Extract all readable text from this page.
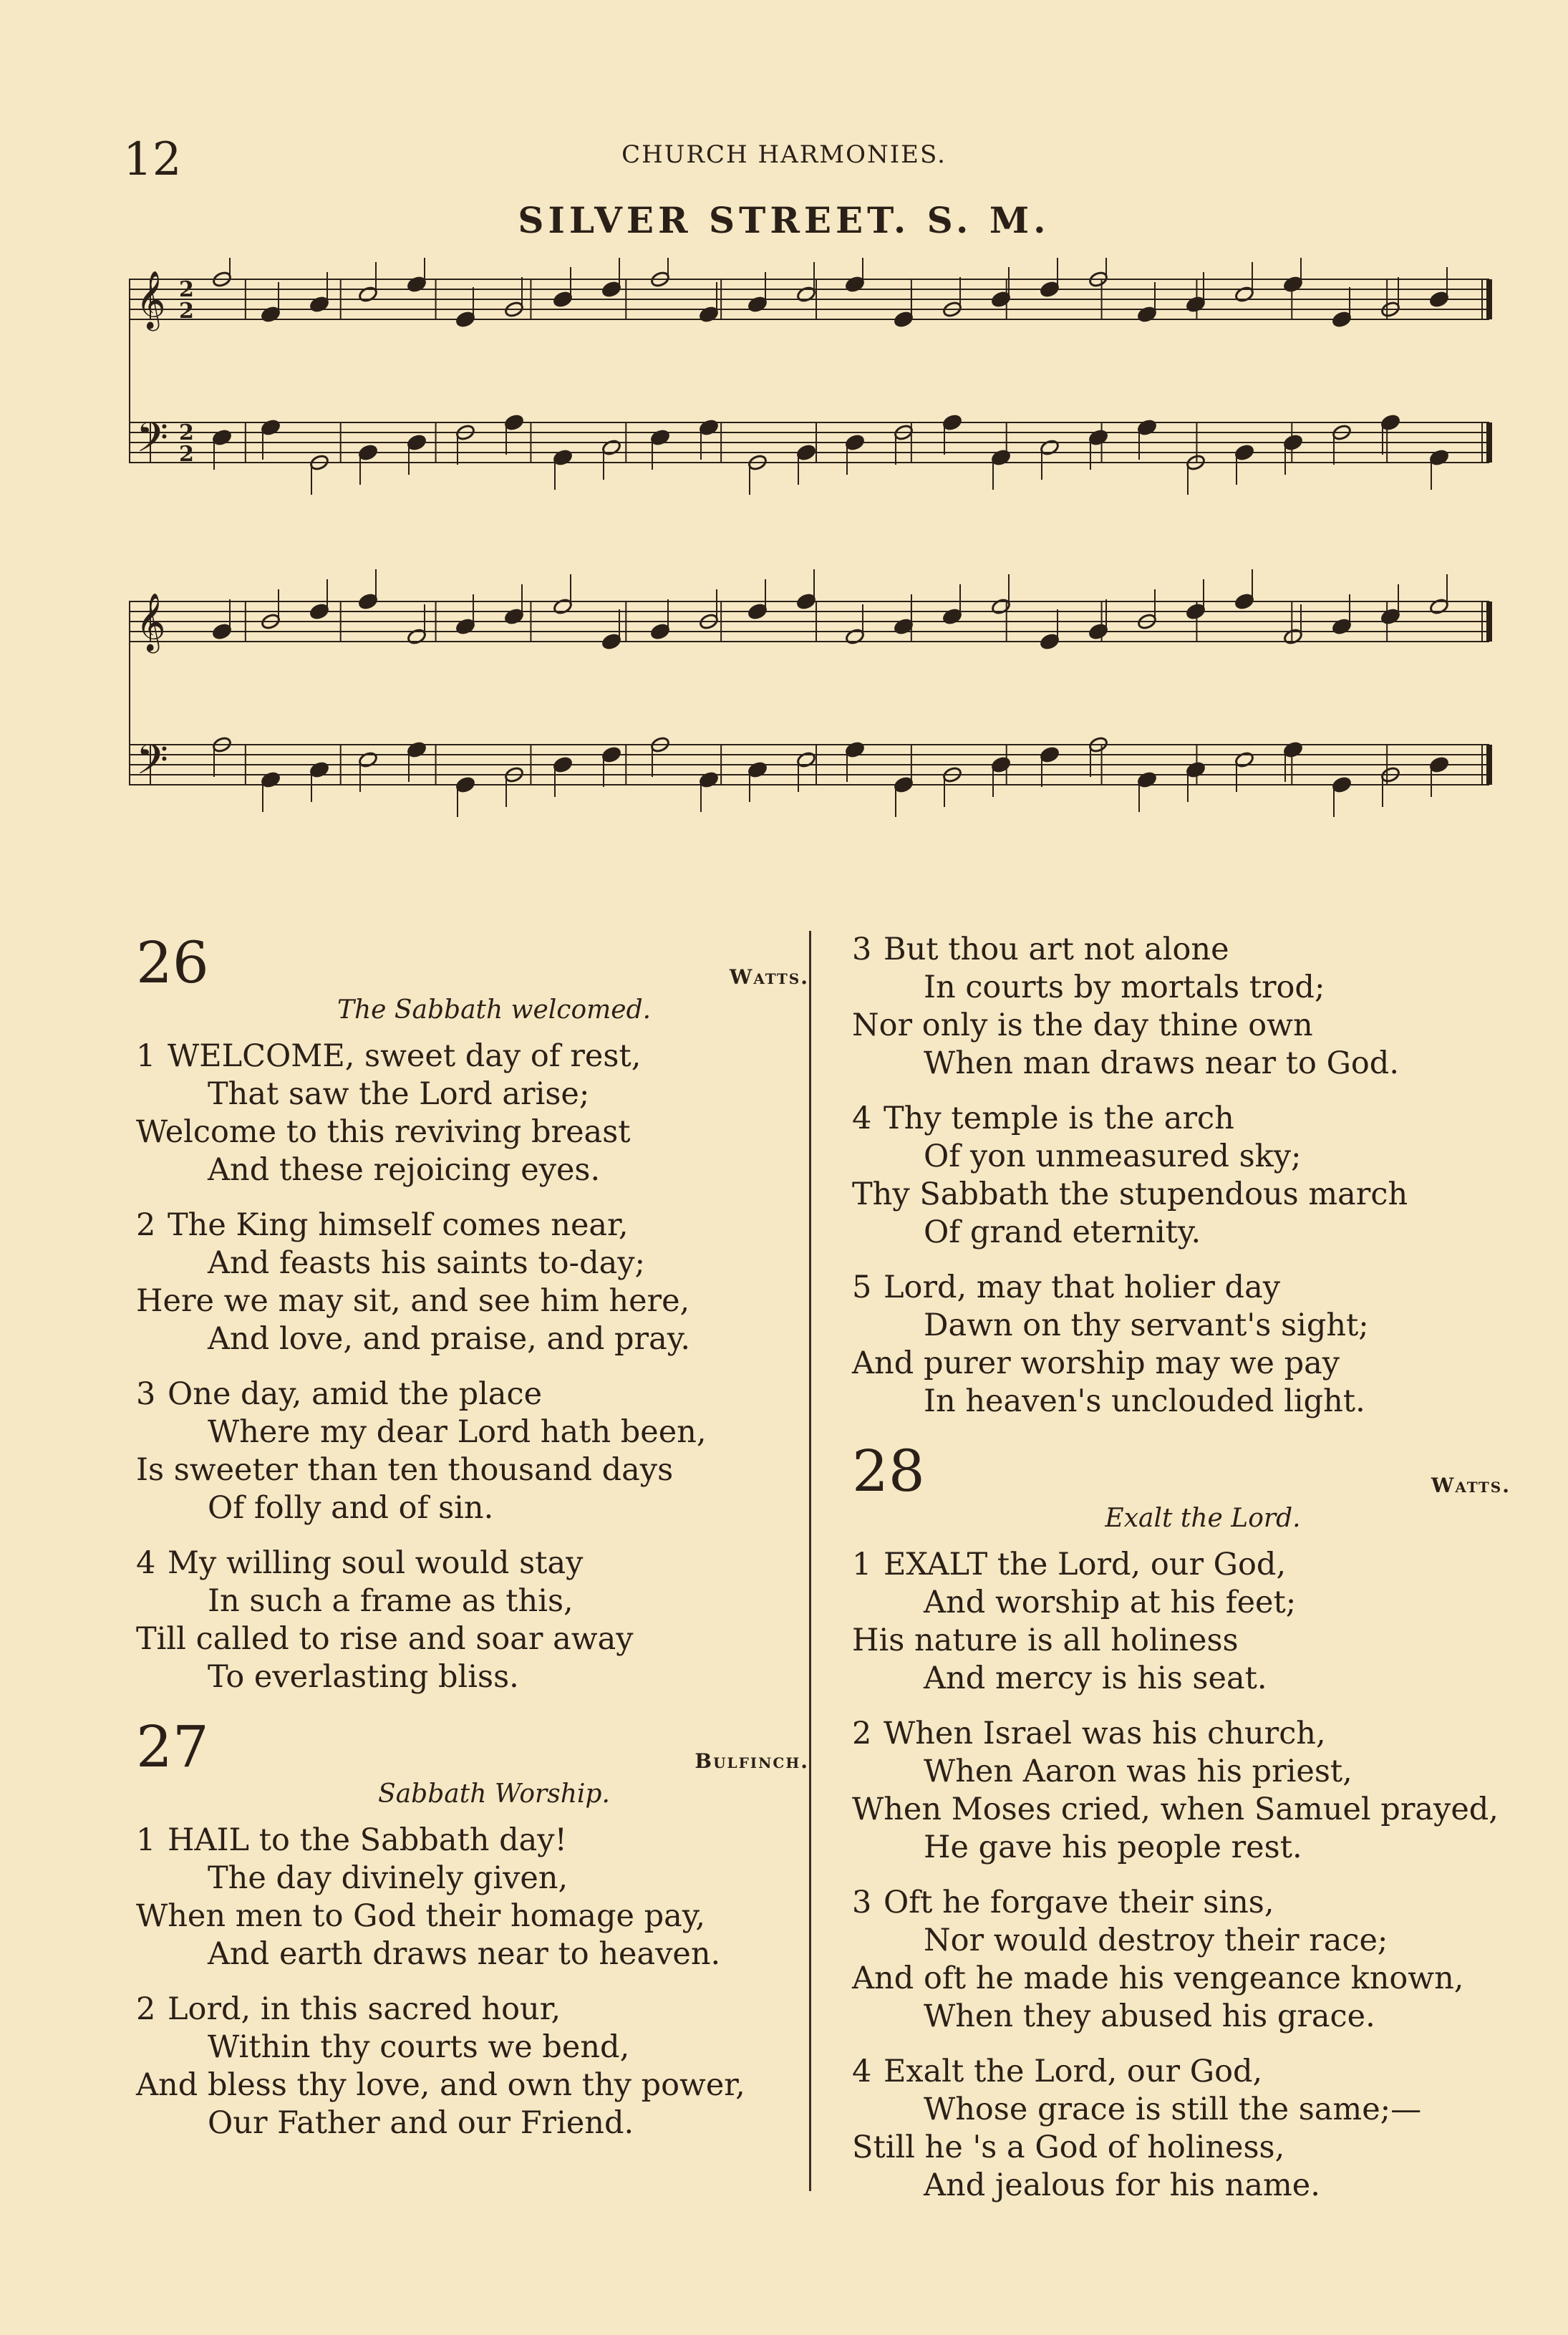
12	CHURCH HARMONIES.
SILVER STREET. S. M.
𝄞 2
2
𝄢 2
2
𝄞
𝄢
26	Watts.
The Sabbath welcomed.
1 WELCOME, sweet day of rest,
That saw the Lord arise;
Welcome to this reviving breast
And these rejoicing eyes.
2 The King himself comes near,
And feasts his saints to-day;
Here we may sit, and see him here,
And love, and praise, and pray.
3 One day, amid the place
Where my dear Lord hath been,
Is sweeter than ten thousand days
Of folly and of sin.
4 My willing soul would stay
In such a frame as this,
Till called to rise and soar away
To everlasting bliss.
27	Bulfinch.
Sabbath Worship.
1 HAIL to the Sabbath day!
The day divinely given,
When men to God their homage pay,
And earth draws near to heaven.
2 Lord, in this sacred hour,
Within thy courts we bend,
And bless thy love, and own thy power,
Our Father and our Friend.
3 But thou art not alone
In courts by mortals trod;
Nor only is the day thine own
When man draws near to God.
4 Thy temple is the arch
Of yon unmeasured sky;
Thy Sabbath the stupendous march
Of grand eternity.
5 Lord, may that holier day
Dawn on thy servant's sight;
And purer worship may we pay
In heaven's unclouded light.
28	Watts.
Exalt the Lord.
1 EXALT the Lord, our God,
And worship at his feet;
His nature is all holiness
And mercy is his seat.
2 When Israel was his church,
When Aaron was his priest,
When Moses cried, when Samuel prayed,
He gave his people rest.
3 Oft he forgave their sins,
Nor would destroy their race;
And oft he made his vengeance known,
When they abused his grace.
4 Exalt the Lord, our God,
Whose grace is still the same;—
Still he 's a God of holiness,
And jealous for his name.
